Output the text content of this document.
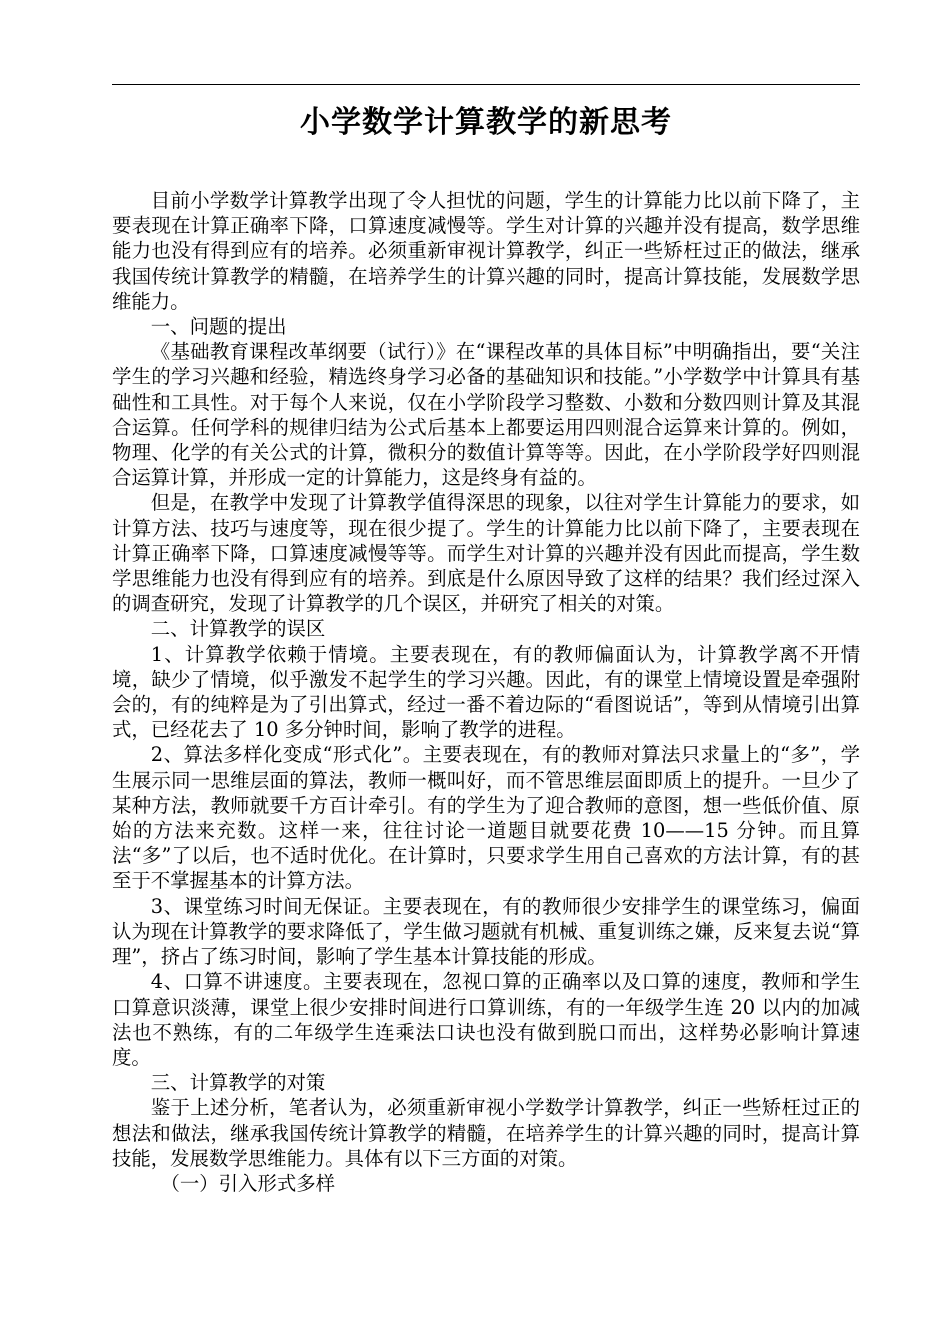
小学数学计算教学的新思考

目前小学数学计算教学出现了令人担忧的问题，学生的计算能力比以前下降了，主要表现在计算正确率下降，口算速度减慢等。学生对计算的兴趣并没有提高，数学思维能力也没有得到应有的培养。必须重新审视计算教学，纠正一些矫枉过正的做法，继承我国传统计算教学的精髓，在培养学生的计算兴趣的同时，提高计算技能，发展数学思维能力。

一、问题的提出

《基础教育课程改革纲要（试行）》在“课程改革的具体目标”中明确指出，要“关注学生的学习兴趣和经验，精选终身学习必备的基础知识和技能。”小学数学中计算具有基础性和工具性。对于每个人来说，仅在小学阶段学习整数、小数和分数四则计算及其混合运算。任何学科的规律归结为公式后基本上都要运用四则混合运算来计算的。例如，物理、化学的有关公式的计算，微积分的数值计算等等。因此，在小学阶段学好四则混合运算计算，并形成一定的计算能力，这是终身有益的。

但是，在教学中发现了计算教学值得深思的现象，以往对学生计算能力的要求，如计算方法、技巧与速度等，现在很少提了。学生的计算能力比以前下降了，主要表现在计算正确率下降，口算速度减慢等等。而学生对计算的兴趣并没有因此而提高，学生数学思维能力也没有得到应有的培养。到底是什么原因导致了这样的结果？我们经过深入的调查研究，发现了计算教学的几个误区，并研究了相关的对策。

二、计算教学的误区

1、计算教学依赖于情境。主要表现在，有的教师偏面认为，计算教学离不开情境，缺少了情境，似乎激发不起学生的学习兴趣。因此，有的课堂上情境设置是牵强附会的，有的纯粹是为了引出算式，经过一番不着边际的“看图说话”，等到从情境引出算式，已经花去了 10 多分钟时间，影响了教学的进程。

2、算法多样化变成“形式化”。主要表现在，有的教师对算法只求量上的“多”，学生展示同一思维层面的算法，教师一概叫好，而不管思维层面即质上的提升。一旦少了某种方法，教师就要千方百计牵引。有的学生为了迎合教师的意图，想一些低价值、原始的方法来充数。这样一来，往往讨论一道题目就要花费 10——15 分钟。而且算法“多”了以后，也不适时优化。在计算时，只要求学生用自己喜欢的方法计算，有的甚至于不掌握基本的计算方法。

3、课堂练习时间无保证。主要表现在，有的教师很少安排学生的课堂练习，偏面认为现在计算教学的要求降低了，学生做习题就有机械、重复训练之嫌，反来复去说“算理”，挤占了练习时间，影响了学生基本计算技能的形成。

4、口算不讲速度。主要表现在，忽视口算的正确率以及口算的速度，教师和学生口算意识淡薄，课堂上很少安排时间进行口算训练，有的一年级学生连 20 以内的加减法也不熟练，有的二年级学生连乘法口诀也没有做到脱口而出，这样势必影响计算速度。

三、计算教学的对策

鉴于上述分析，笔者认为，必须重新审视小学数学计算教学，纠正一些矫枉过正的想法和做法，继承我国传统计算教学的精髓，在培养学生的计算兴趣的同时，提高计算技能，发展数学思维能力。具体有以下三方面的对策。

（一）引入形式多样
